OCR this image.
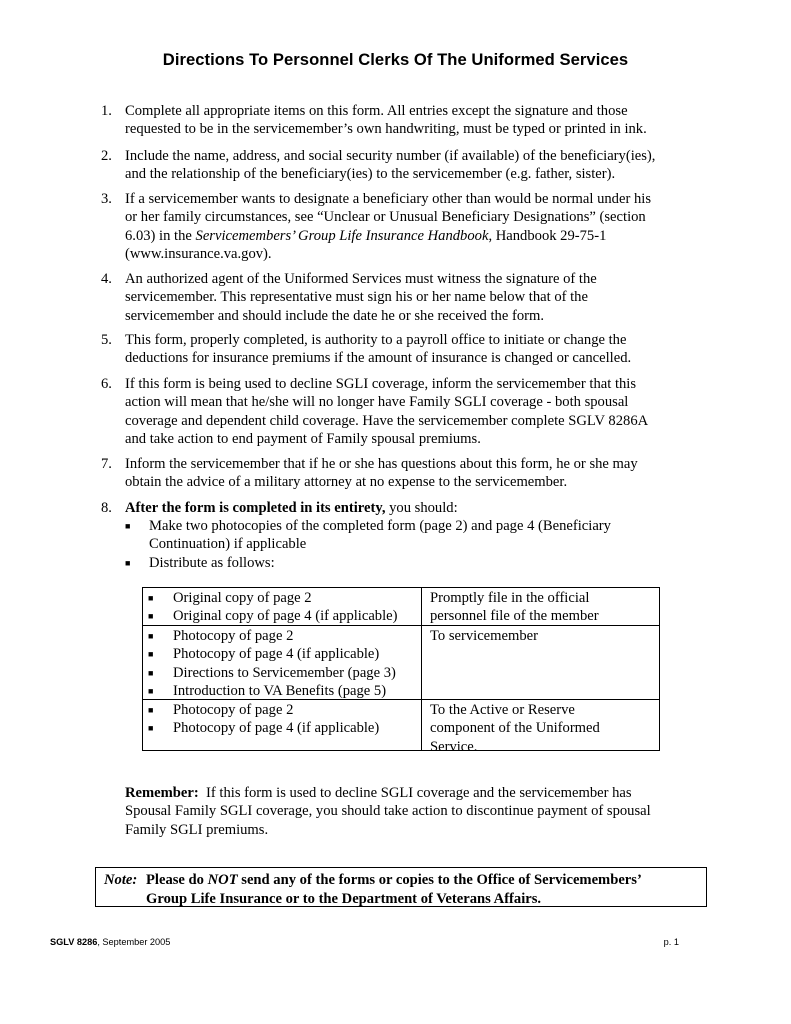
Directions To Personnel Clerks Of The Uniformed Services
1. Complete all appropriate items on this form. All entries except the signature and those
requested to be in the servicemember’s own handwriting, must be typed or printed in ink.
2. Include the name, address, and social security number (if available) of the beneficiary(ies),
and the relationship of the beneficiary(ies) to the servicemember (e.g. father, sister).
3. If a servicemember wants to designate a beneficiary other than would be normal under his
or her family circumstances, see “Unclear or Unusual Beneficiary Designations” (section
6.03) in the Servicemembers’ Group Life Insurance Handbook, Handbook 29-75-1
(www.insurance.va.gov).
4. An authorized agent of the Uniformed Services must witness the signature of the
servicemember. This representative must sign his or her name below that of the
servicemember and should include the date he or she received the form.
5. This form, properly completed, is authority to a payroll office to initiate or change the
deductions for insurance premiums if the amount of insurance is changed or cancelled.
6. If this form is being used to decline SGLI coverage, inform the servicemember that this
action will mean that he/she will no longer have Family SGLI coverage - both spousal
coverage and dependent child coverage. Have the servicemember complete SGLV 8286A
and take action to end payment of Family spousal premiums.
7. Inform the servicemember that if he or she has questions about this form, he or she may
obtain the advice of a military attorney at no expense to the servicemember.
8. After the form is completed in its entirety, you should:
■ Make two photocopies of the completed form (page 2) and page 4 (Beneficiary
Continuation) if applicable
■ Distribute as follows:
■ Original copy of page 2
■ Original copy of page 4 (if applicable)
Promptly file in the official
personnel file of the member
■ Photocopy of page 2
■ Photocopy of page 4 (if applicable)
■ Directions to Servicemember (page 3)
■ Introduction to VA Benefits (page 5)
To servicemember
■ Photocopy of page 2
■ Photocopy of page 4 (if applicable)
To the Active or Reserve
component of the Uniformed
Service.
Remember:  If this form is used to decline SGLI coverage and the servicemember has
Spousal Family SGLI coverage, you should take action to discontinue payment of spousal
Family SGLI premiums.
Note: Please do NOT send any of the forms or copies to the Office of Servicemembers’
Group Life Insurance or to the Department of Veterans Affairs.
SGLV 8286, September 2005	p. 1
